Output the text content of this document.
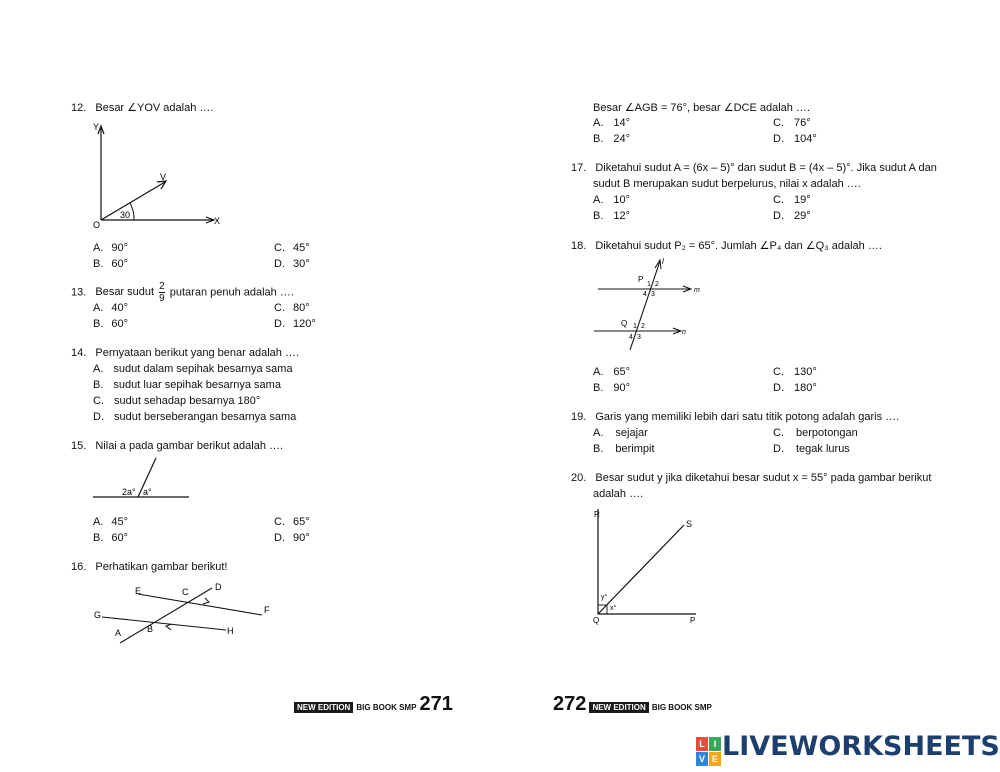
12. Besar ∠YOV adalah ….
Y
V
O	X
30
A. 90°	C. 45°
B. 60°	D. 30°
13. Besar sudut $\frac{2}{9}$ putaran penuh adalah ….
A. 40°	C. 80°
B. 60°	D. 120°
14. Pernyataan berikut yang benar adalah ….
A. sudut dalam sepihak besarnya sama
B. sudut luar sepihak besarnya sama
C. sudut sehadap besarnya 180°
D. sudut berseberangan besarnya sama
15. Nilai a pada gambar berikut adalah ….
2a° a°
A. 45°	C. 65°
B. 60°	D. 90°
16. Perhatikan gambar berikut!
E	C	D
F
G
A	B	H
NEW EDITION BIG BOOK SMP 271
Besar ∠AGB = 76°, besar ∠DCE adalah ….
A. 14°	C. 76°
B. 24°	D. 104°
17. Diketahui sudut A = (6x – 5)° dan sudut B = (4x – 5)°. Jika sudut A dan
sudut B merupakan sudut berpelurus, nilai x adalah ….
A. 10°	C. 19°
B. 12°	D. 29°
18. Diketahui sudut P₂ = 65°. Jumlah ∠P₄ dan ∠Q₃ adalah ….
l
P
Q
m
n
1 2
4 3
1 2
4 3
A. 65°	C. 130°
B. 90°	D. 180°
19. Garis yang memiliki lebih dari satu titik potong adalah garis ….
A. sejajar	C. berpotongan
B. berimpit	D. tegak lurus
20. Besar sudut y jika diketahui besar sudut x = 55° pada gambar berikut
adalah ….
R
S
Q	P
y°
x°
272 NEW EDITION BIG BOOK SMP
L I
V E LIVEWORKSHEETS
